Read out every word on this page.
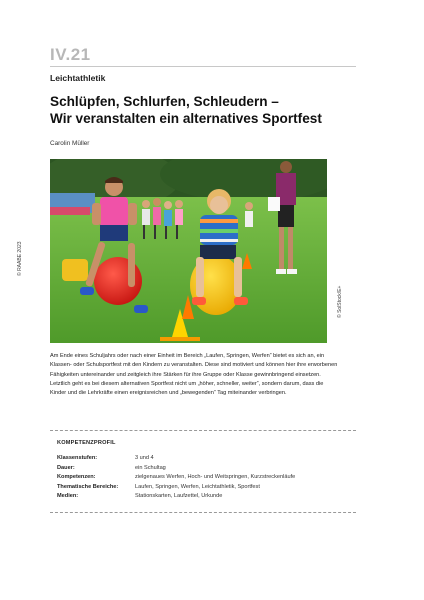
IV.21
Leichtathletik
Schlüpfen, Schlurfen, Schleudern –
Wir veranstalten ein alternatives Sportfest
Carolin Müller
© RAABE 2023
© SolStock/E+
Am Ende eines Schuljahrs oder nach einer Einheit im Bereich „Laufen, Springen, Werfen“ bietet es sich an, ein Klassen- oder Schulsportfest mit den Kindern zu veranstalten. Diese sind motiviert und können hier ihre erworbenen Fähigkeiten untereinander und zeitgleich ihre Stärken für ihre Gruppe oder Klasse gewinnbringend einsetzen. Letztlich geht es bei diesem alternativen Sportfest nicht um „höher, schneller, weiter“, sondern darum, dass die Kinder und die Lehrkräfte einen ereignisreichen und „bewegenden“ Tag miteinander verbringen.
KOMPETENZPROFIL
Klassenstufen:	3 und 4
Dauer:	ein Schultag
Kompetenzen:	zielgenaues Werfen, Hoch- und Weitspringen, Kurzstreckenläufe
Thematische Bereiche:	Laufen, Springen, Werfen, Leichtathletik, Sportfest
Medien:	Stationskarten, Laufzettel, Urkunde
